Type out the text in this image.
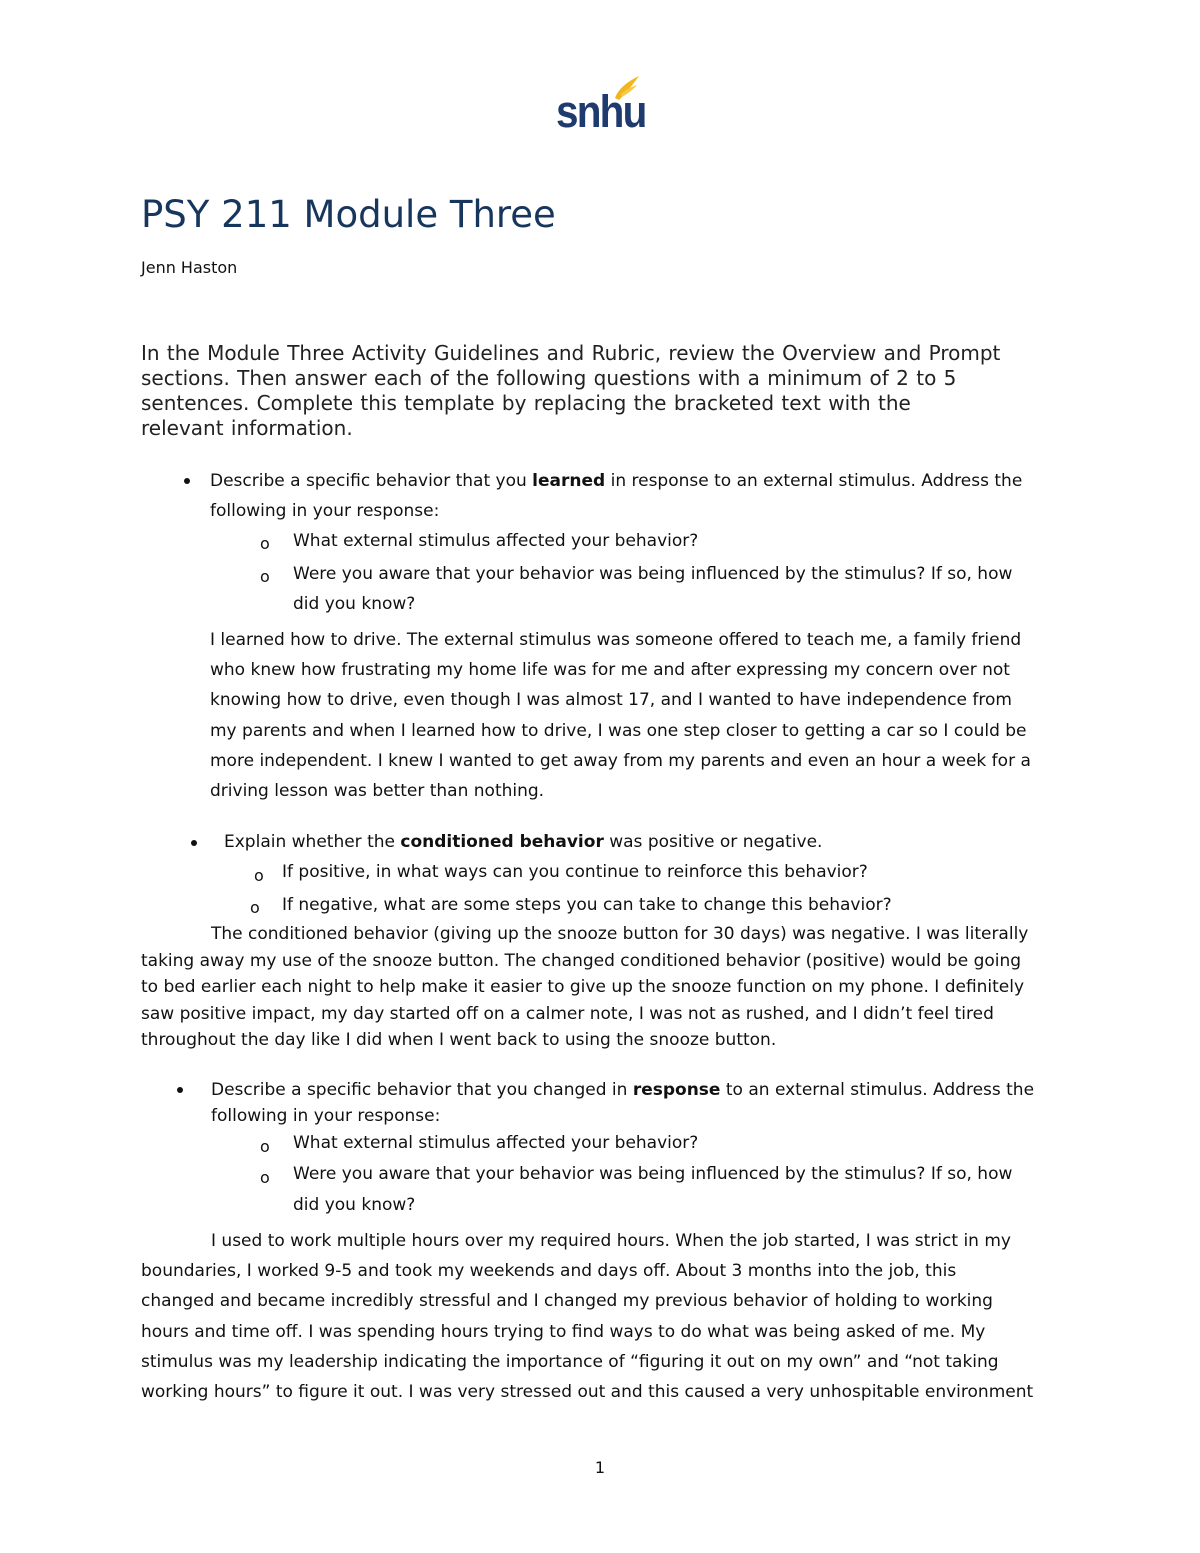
snhu
PSY 211 Module Three
Jenn Haston
In the Module Three Activity Guidelines and Rubric, review the Overview and Prompt
sections. Then answer each of the following questions with a minimum of 2 to 5
sentences. Complete this template by replacing the bracketed text with the
relevant information.
Describe a specific behavior that you learned in response to an external stimulus. Address the
following in your response:
o What external stimulus affected your behavior?
o Were you aware that your behavior was being influenced by the stimulus? If so, how
did you know?
I learned how to drive. The external stimulus was someone offered to teach me, a family friend
who knew how frustrating my home life was for me and after expressing my concern over not
knowing how to drive, even though I was almost 17, and I wanted to have independence from
my parents and when I learned how to drive, I was one step closer to getting a car so I could be
more independent. I knew I wanted to get away from my parents and even an hour a week for a
driving lesson was better than nothing.
Explain whether the conditioned behavior was positive or negative.
o If positive, in what ways can you continue to reinforce this behavior?
o If negative, what are some steps you can take to change this behavior?
The conditioned behavior (giving up the snooze button for 30 days) was negative. I was literally
taking away my use of the snooze button. The changed conditioned behavior (positive) would be going
to bed earlier each night to help make it easier to give up the snooze function on my phone. I definitely
saw positive impact, my day started off on a calmer note, I was not as rushed, and I didn’t feel tired
throughout the day like I did when I went back to using the snooze button.
Describe a specific behavior that you changed in response to an external stimulus. Address the
following in your response:
o What external stimulus affected your behavior?
o Were you aware that your behavior was being influenced by the stimulus? If so, how
did you know?
I used to work multiple hours over my required hours. When the job started, I was strict in my
boundaries, I worked 9-5 and took my weekends and days off. About 3 months into the job, this
changed and became incredibly stressful and I changed my previous behavior of holding to working
hours and time off. I was spending hours trying to find ways to do what was being asked of me. My
stimulus was my leadership indicating the importance of “figuring it out on my own” and “not taking
working hours” to figure it out. I was very stressed out and this caused a very unhospitable environment
1
